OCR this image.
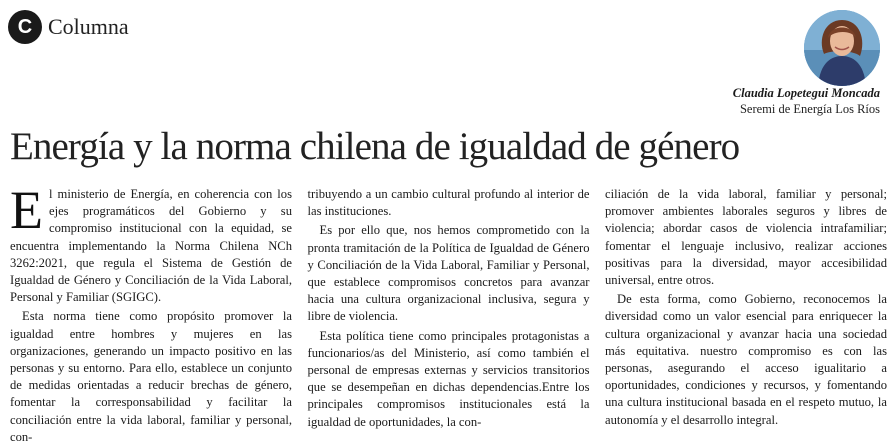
C Columna
Claudia Lopetegui Moncada
Seremi de Energía Los Ríos
Energía y la norma chilena de igualdad de género

El ministerio de Energía, en coherencia con los ejes programáticos del Gobierno y su compromiso institucional con la equidad, se encuentra implementando la Norma Chilena NCh 3262:2021, que regula el Sistema de Gestión de Igualdad de Género y Conciliación de la Vida Laboral, Personal y Familiar (SGIGC).

Esta norma tiene como propósito promover la igualdad entre hombres y mujeres en las organizaciones, generando un impacto positivo en las personas y su entorno. Para ello, establece un conjunto de medidas orientadas a reducir brechas de género, fomentar la corresponsabilidad y facilitar la conciliación entre la vida laboral, familiar y personal, con-

tribuyendo a un cambio cultural profundo al interior de las instituciones.

Es por ello que, nos hemos comprometido con la pronta tramitación de la Política de Igualdad de Género y Conciliación de la Vida Laboral, Familiar y Personal, que establece compromisos concretos para avanzar hacia una cultura organizacional inclusiva, segura y libre de violencia.

Esta política tiene como principales protagonistas a funcionarios/as del Ministerio, así como también el personal de empresas externas y servicios transitorios que se desempeñan en dichas dependencias.Entre los principales compromisos institucionales está la igualdad de oportunidades, la con-

ciliación de la vida laboral, familiar y personal; promover ambientes laborales seguros y libres de violencia; abordar casos de violencia intrafamiliar; fomentar el lenguaje inclusivo, realizar acciones positivas para la diversidad, mayor accesibilidad universal, entre otros.

De esta forma, como Gobierno, reconocemos la diversidad como un valor esencial para enriquecer la cultura organizacional y avanzar hacia una sociedad más equitativa. nuestro compromiso es con las personas, asegurando el acceso igualitario a oportunidades, condiciones y recursos, y fomentando una cultura institucional basada en el respeto mutuo, la autonomía y el desarrollo integral.
